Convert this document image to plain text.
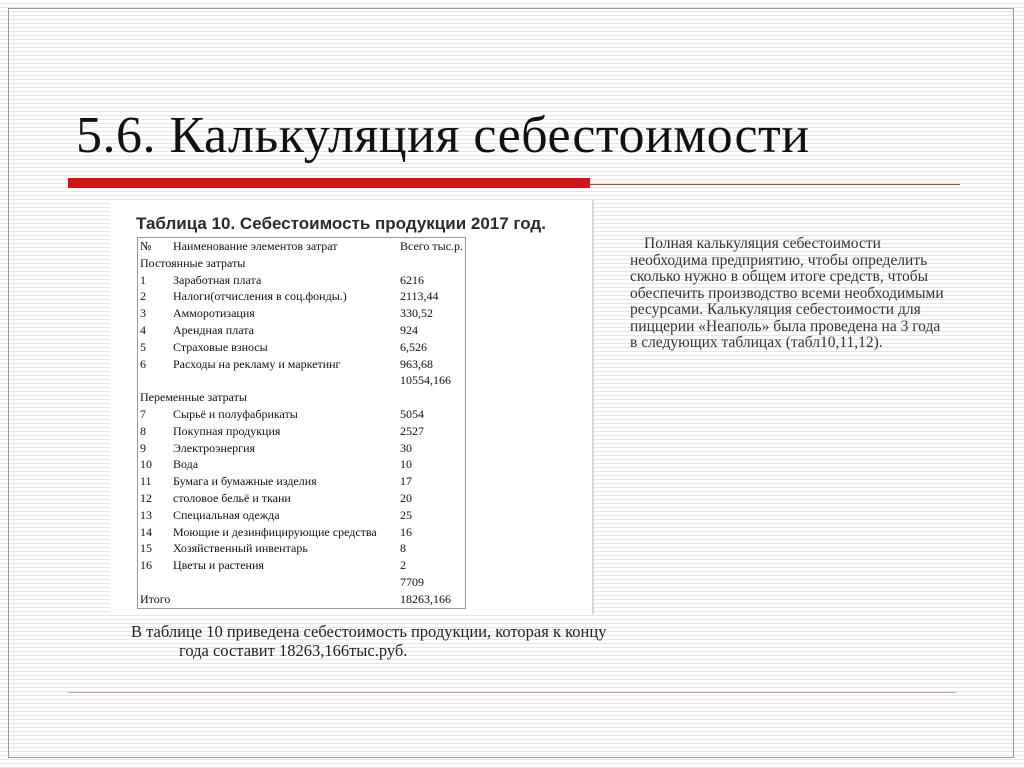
5.6. Калькуляция себестоимости
Таблица 10. Себестоимость продукции 2017 год.
№	Наименование элементов затрат	Всего тыс.р.
Постоянные затраты		
1	Заработная плата	6216
2	Налоги(отчисления в соц.фонды.)	2113,44
3	Амморотизация	330,52
4	Арендная плата	924
5	Страховые взносы	6,526
6	Расходы на рекламу и маркетинг	963,68
		10554,166
Переменные затраты		
7	Сырьё и полуфабрикаты	5054
8	Покупная продукция	2527
9	Электроэнергия	30
10	Вода	10
11	Бумага и бумажные изделия	17
12	столовое бельё и ткани	20
13	Специальная одежда	25
14	Моющие и дезинфицирующие средства	16
15	Хозяйственный инвентарь	8
16	Цветы и растения	2
		7709
Итого		18263,166

Полная калькуляция себестоимости необходима предприятию, чтобы определить сколько нужно в общем итоге средств, чтобы обеспечить производство всеми необходимыми ресурсами. Калькуляция себестоимости для пиццерии «Неаполь» была проведена на 3 года в следующих таблицах (табл10,11,12).

В таблице 10 приведена себестоимость продукции, которая к концу года составит 18263,166тыс.руб.
